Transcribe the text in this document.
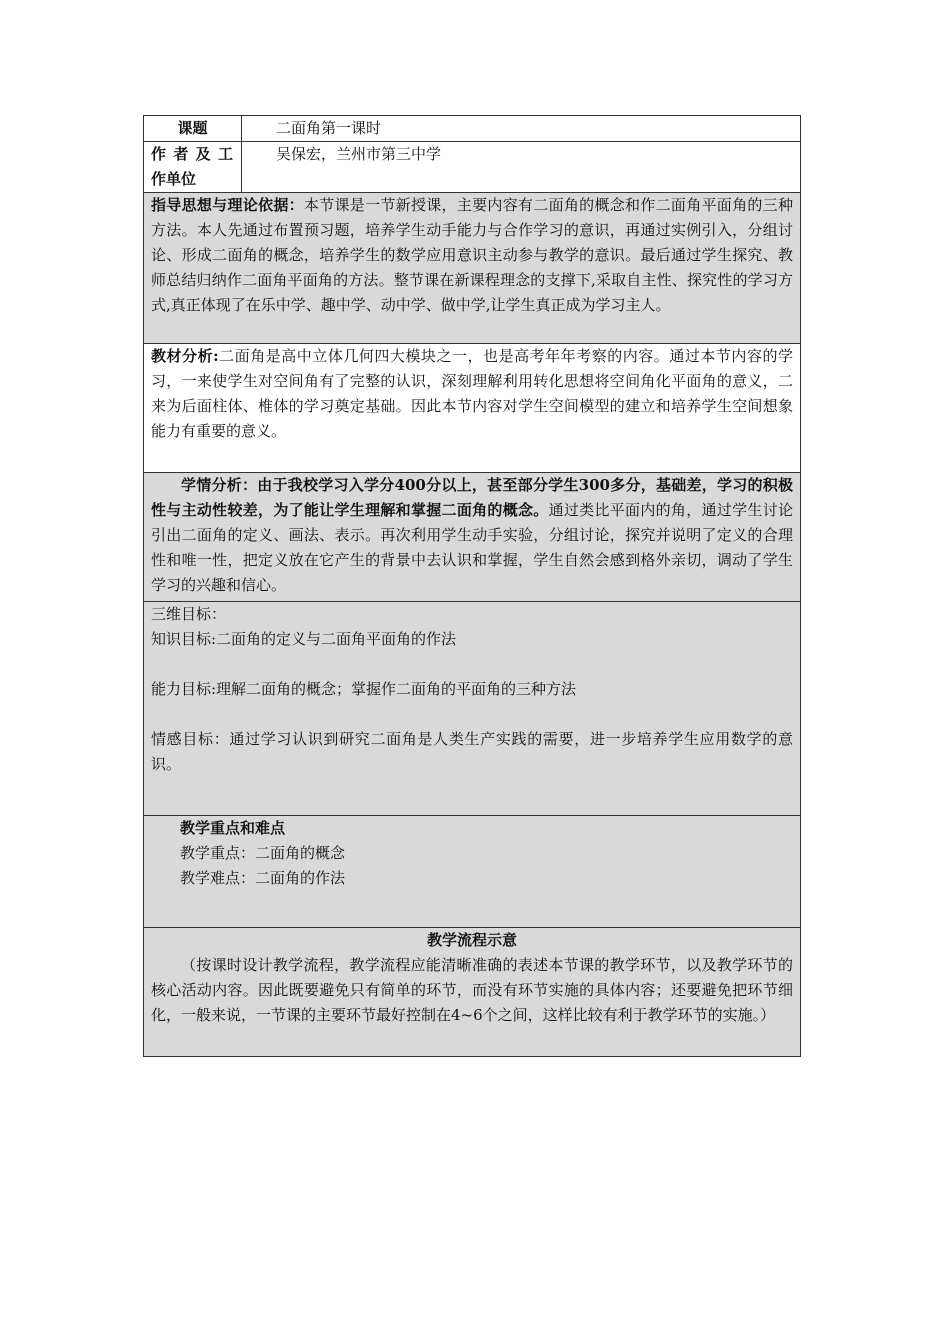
课题	二面角第一课时

作 者 及 工
作单位	吴保宏，兰州市第三中学
指导思想与理论依据：本节课是一节新授课，主要内容有二面角的概念和作二面角平面角的三种方法。本人先通过布置预习题，培养学生动手能力与合作学习的意识，再通过实例引入，分组讨论、形成二面角的概念，培养学生的数学应用意识主动参与教学的意识。最后通过学生探究、教师总结归纳作二面角平面角的方法。整节课在新课程理念的支撑下,采取自主性、探究性的学习方式,真正体现了在乐中学、趣中学、动中学、做中学,让学生真正成为学习主人。	
教材分析:二面角是高中立体几何四大模块之一，也是高考年年考察的内容。通过本节内容的学习，一来使学生对空间角有了完整的认识，深刻理解利用转化思想将空间角化平面角的意义，二来为后面柱体、椎体的学习奠定基础。因此本节内容对学生空间模型的建立和培养学生空间想象能力有重要的意义。	
学情分析：由于我校学习入学分400分以上，甚至部分学生300多分，基础差，学习的积极性与主动性较差，为了能让学生理解和掌握二面角的概念。通过类比平面内的角，通过学生讨论引出二面角的定义、画法、表示。再次利用学生动手实验，分组讨论，探究并说明了定义的合理性和唯一性，把定义放在它产生的背景中去认识和掌握，学生自然会感到格外亲切，调动了学生学习的兴趣和信心。	

三维目标：
知识目标:二面角的定义与二面角平面角的作法
能力目标:理解二面角的概念；掌握作二面角的平面角的三种方法
情感目标：通过学习认识到研究二面角是人类生产实践的需要，进一步培养学生应用数学的意识。	

教学重点和难点
教学重点：二面角的概念
教学难点：二面角的作法	

教学流程示意
（按课时设计教学流程，教学流程应能清晰准确的表述本节课的教学环节，以及教学环节的核心活动内容。因此既要避免只有简单的环节，而没有环节实施的具体内容；还要避免把环节细化，一般来说，一节课的主要环节最好控制在4~6个之间，这样比较有利于教学环节的实施。）	
